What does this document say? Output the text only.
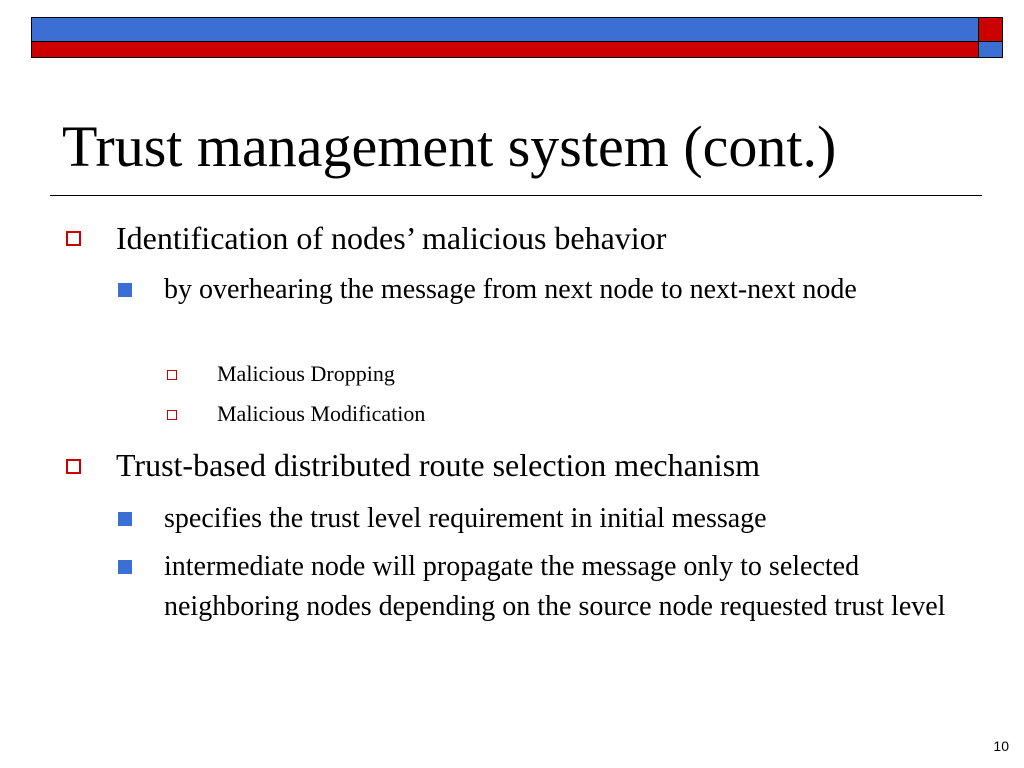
Trust management system (cont.)

Identification of nodes’ malicious behavior

by overhearing the message from next node to next-next node

Malicious Dropping

Malicious Modification

Trust-based distributed route selection mechanism

specifies the trust level requirement in initial message

intermediate node will propagate the message only to selected neighboring nodes depending on the source node requested trust level

10
